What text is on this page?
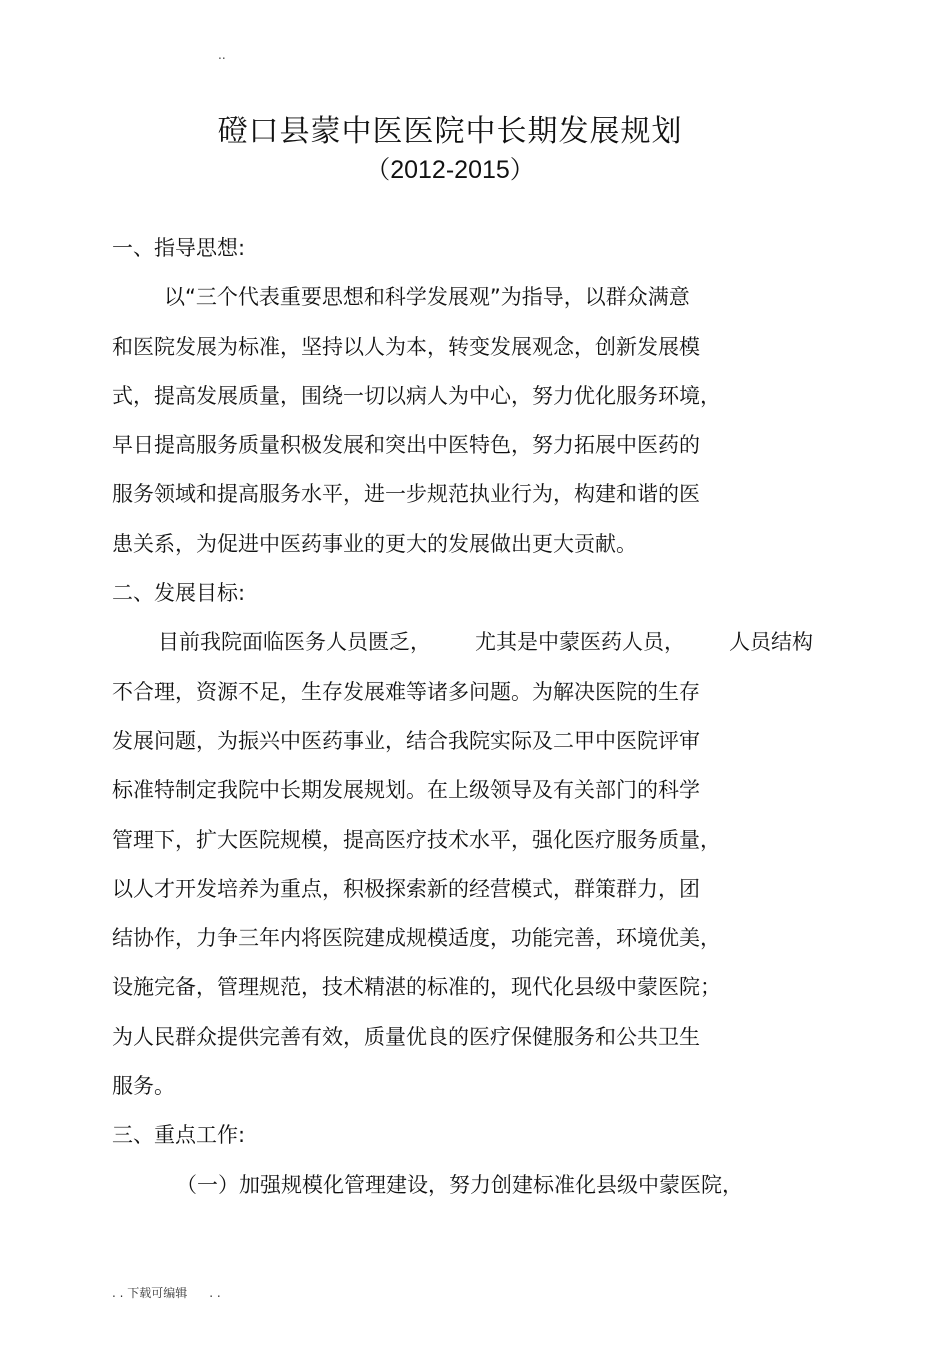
..
磴口县蒙中医医院中长期发展规划
（2012-2015）
一、指导思想:
以“三个代表重要思想和科学发展观”为指导，以群众满意
和医院发展为标准，坚持以人为本，转变发展观念，创新发展模
式，提高发展质量，围绕一切以病人为中心，努力优化服务环境，
早日提高服务质量积极发展和突出中医特色，努力拓展中医药的
服务领域和提高服务水平，进一步规范执业行为，构建和谐的医
患关系，为促进中医药事业的更大的发展做出更大贡献。
二、发展目标:
目前我院面临医务人员匮乏， 尤其是中蒙医药人员， 人员结构
不合理，资源不足，生存发展难等诸多问题。为解决医院的生存
发展问题，为振兴中医药事业，结合我院实际及二甲中医院评审
标准特制定我院中长期发展规划。在上级领导及有关部门的科学
管理下，扩大医院规模，提高医疗技术水平，强化医疗服务质量，
以人才开发培养为重点，积极探索新的经营模式，群策群力，团
结协作，力争三年内将医院建成规模适度，功能完善，环境优美，
设施完备，管理规范，技术精湛的标准的，现代化县级中蒙医院；
为人民群众提供完善有效，质量优良的医疗保健服务和公共卫生
服务。
三、重点工作:
（一）加强规模化管理建设，努力创建标准化县级中蒙医院，
. . 下载可编辑 . .
